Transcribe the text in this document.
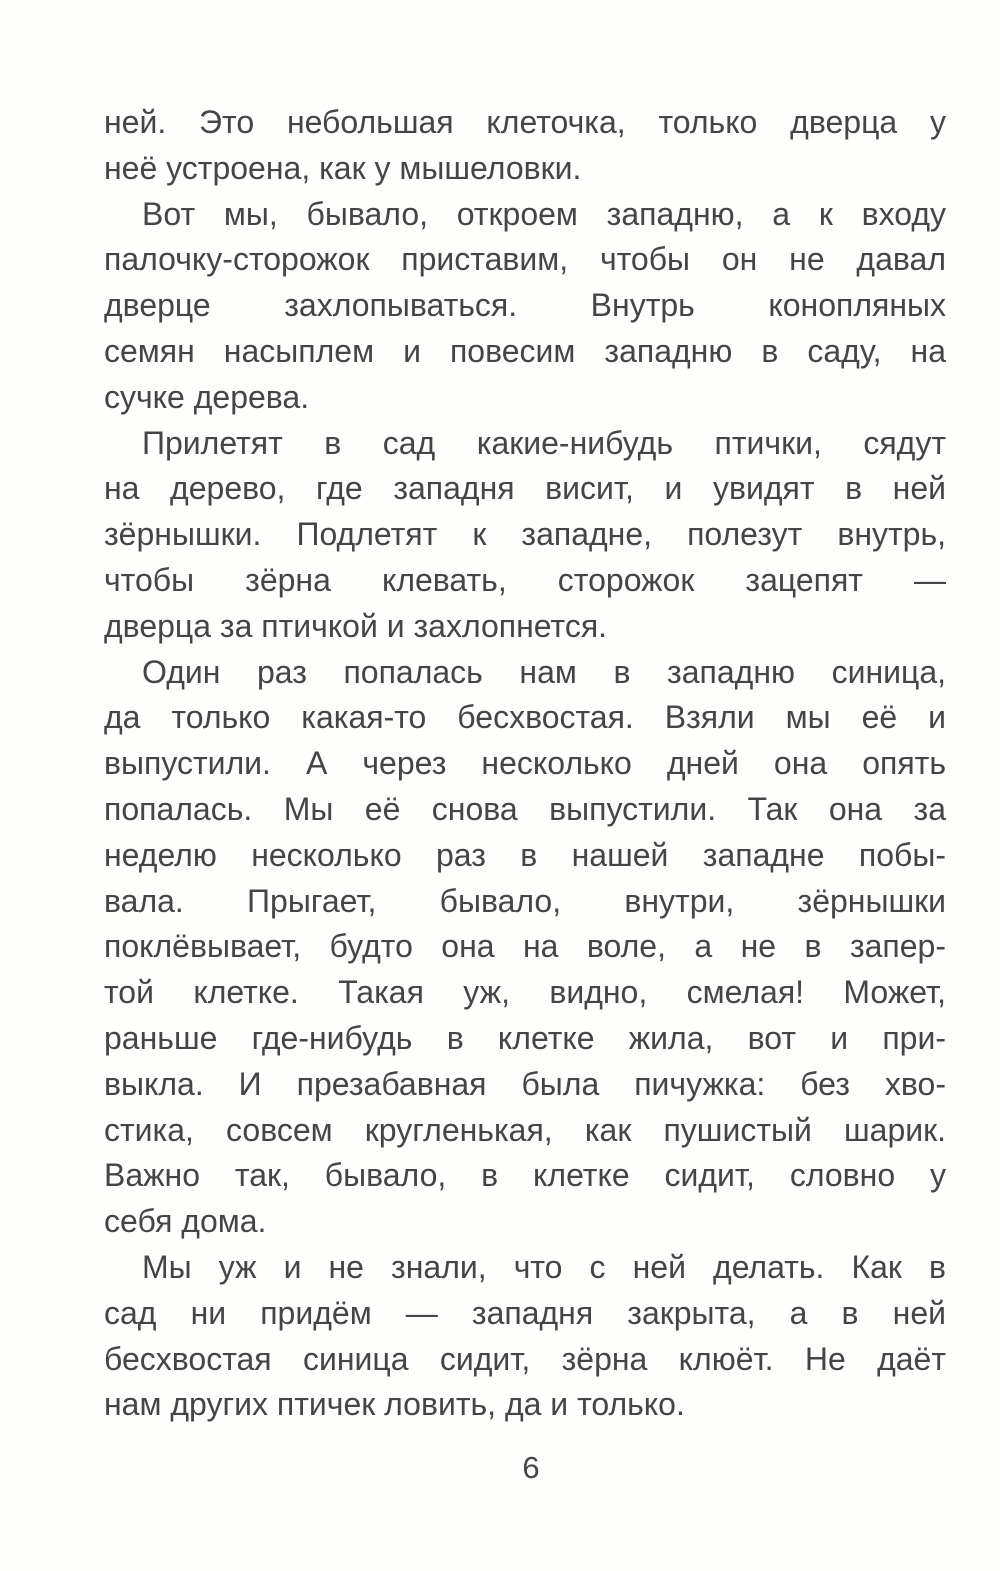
ней. Это небольшая клеточка, только дверца у
неё устроена, как у мышеловки.
Вот мы, бывало, откроем западню, а к входу
палочку-сторожок приставим, чтобы он не давал
дверце захлопываться. Внутрь конопляных
семян насыплем и повесим западню в саду, на
сучке дерева.
Прилетят в сад какие-нибудь птички, сядут
на дерево, где западня висит, и увидят в ней
зёрнышки. Подлетят к западне, полезут внутрь,
чтобы зёрна клевать, сторожок зацепят —
дверца за птичкой и захлопнется.
Один раз попалась нам в западню синица,
да только какая-то бесхвостая. Взяли мы её и
выпустили. А через несколько дней она опять
попалась. Мы её снова выпустили. Так она за
неделю несколько раз в нашей западне побы-
вала. Прыгает, бывало, внутри, зёрнышки
поклёвывает, будто она на воле, а не в запер-
той клетке. Такая уж, видно, смелая! Может,
раньше где-нибудь в клетке жила, вот и при-
выкла. И презабавная была пичужка: без хво-
стика, совсем кругленькая, как пушистый шарик.
Важно так, бывало, в клетке сидит, словно у
себя дома.
Мы уж и не знали, что с ней делать. Как в
сад ни придём — западня закрыта, а в ней
бесхвостая синица сидит, зёрна клюёт. Не даёт
нам других птичек ловить, да и только.
6
